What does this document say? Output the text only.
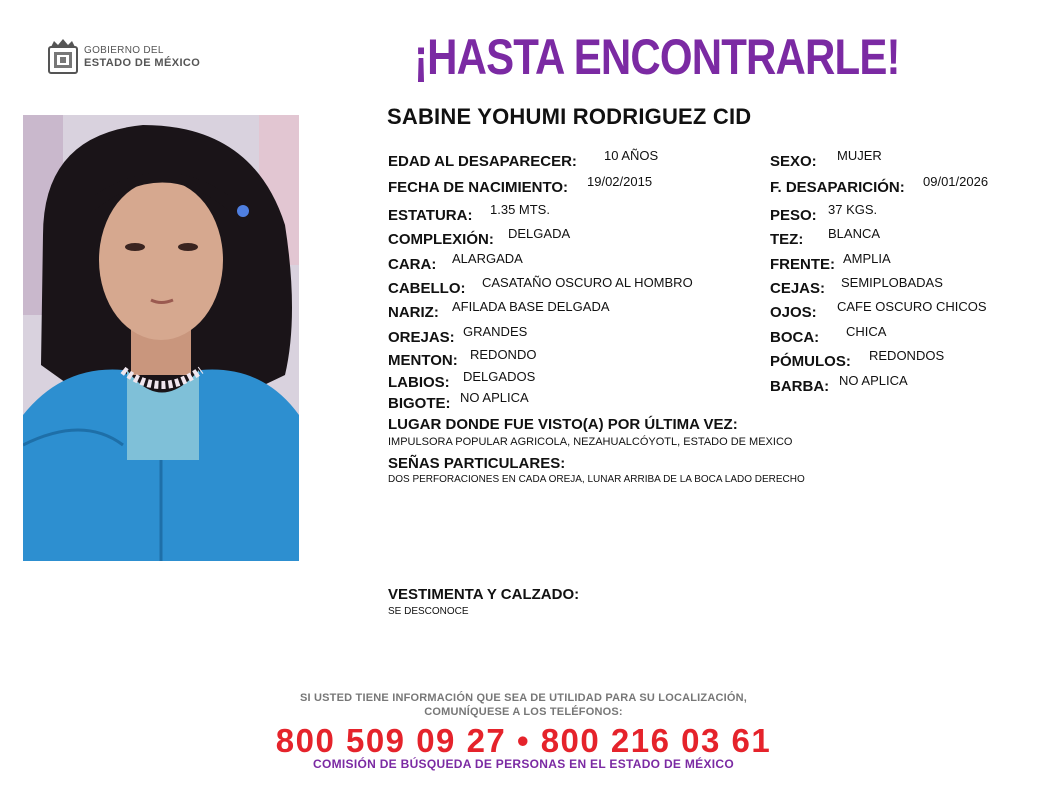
GOBIERNO DEL
ESTADO DE MÉXICO	¡HASTA ENCONTRARLE!
SABINE YOHUMI RODRIGUEZ CID
EDAD AL DESAPARECER: 10 AÑOS
FECHA DE NACIMIENTO: 19/02/2015
ESTATURA: 1.35 MTS.
COMPLEXIÓN: DELGADA
CARA: ALARGADA
CABELLO: CASATAÑO OSCURO AL HOMBRO
NARIZ: AFILADA BASE DELGADA
OREJAS: GRANDES
MENTON: REDONDO
LABIOS: DELGADOS
BIGOTE: NO APLICA
SEXO: MUJER
F. DESAPARICIÓN: 09/01/2026
PESO: 37 KGS.
TEZ: BLANCA
FRENTE: AMPLIA
CEJAS: SEMIPLOBADAS
OJOS: CAFE OSCURO CHICOS
BOCA: CHICA
PÓMULOS: REDONDOS
BARBA: NO APLICA
LUGAR DONDE FUE VISTO(A) POR ÚLTIMA VEZ:
IMPULSORA POPULAR AGRICOLA, NEZAHUALCÓYOTL, ESTADO DE MEXICO
SEÑAS PARTICULARES:
DOS PERFORACIONES EN CADA OREJA, LUNAR ARRIBA DE LA BOCA LADO DERECHO
VESTIMENTA Y CALZADO:
SE DESCONOCE
SI USTED TIENE INFORMACIÓN QUE SEA DE UTILIDAD PARA SU LOCALIZACIÓN,
COMUNÍQUESE A LOS TELÉFONOS:
800 509 09 27 • 800 216 03 61
COMISIÓN DE BÚSQUEDA DE PERSONAS EN EL ESTADO DE MÉXICO
